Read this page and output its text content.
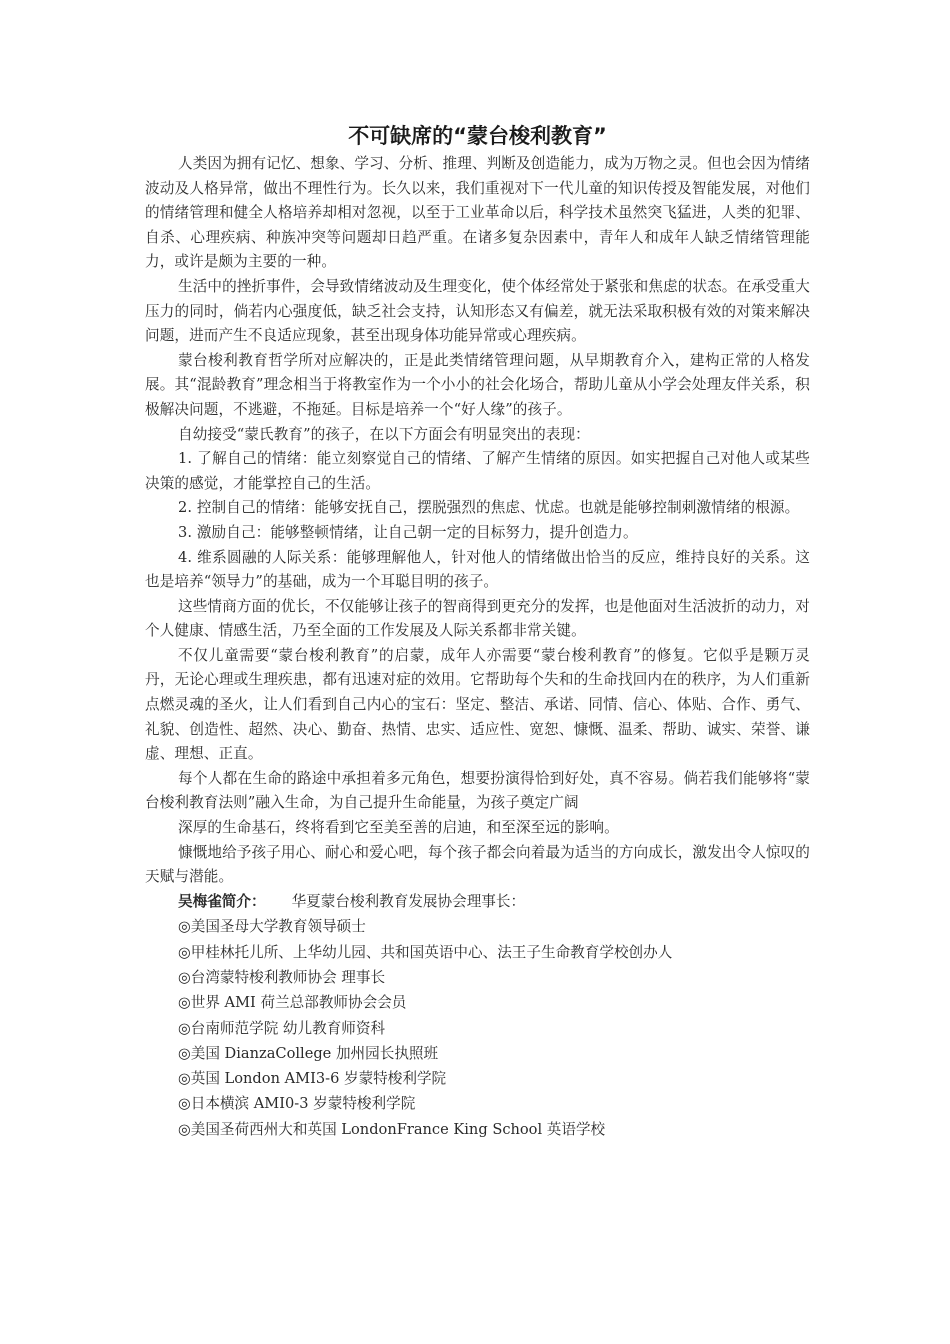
不可缺席的“蒙台梭利教育”

人类因为拥有记忆、想象、学习、分析、推理、判断及创造能力，成为万物之灵。但也会因为情绪波动及人格异常，做出不理性行为。长久以来，我们重视对下一代儿童的知识传授及智能发展，对他们的情绪管理和健全人格培养却相对忽视，以至于工业革命以后，科学技术虽然突飞猛进，人类的犯罪、自杀、心理疾病、种族冲突等问题却日趋严重。在诸多复杂因素中，青年人和成年人缺乏情绪管理能力，或许是颇为主要的一种。

生活中的挫折事件，会导致情绪波动及生理变化，使个体经常处于紧张和焦虑的状态。在承受重大压力的同时，倘若内心强度低，缺乏社会支持，认知形态又有偏差，就无法采取积极有效的对策来解决问题，进而产生不良适应现象，甚至出现身体功能异常或心理疾病。

蒙台梭利教育哲学所对应解决的，正是此类情绪管理问题，从早期教育介入，建构正常的人格发展。其“混龄教育”理念相当于将教室作为一个小小的社会化场合，帮助儿童从小学会处理友伴关系，积极解决问题，不逃避，不拖延。目标是培养一个“好人缘”的孩子。

自幼接受“蒙氏教育”的孩子，在以下方面会有明显突出的表现：

1. 了解自己的情绪：能立刻察觉自己的情绪、了解产生情绪的原因。如实把握自己对他人或某些决策的感觉，才能掌控自己的生活。

2. 控制自己的情绪：能够安抚自己，摆脱强烈的焦虑、忧虑。也就是能够控制刺激情绪的根源。

3. 激励自己：能够整顿情绪，让自己朝一定的目标努力，提升创造力。

4. 维系圆融的人际关系：能够理解他人，针对他人的情绪做出恰当的反应，维持良好的关系。这也是培养“领导力”的基础，成为一个耳聪目明的孩子。

这些情商方面的优长，不仅能够让孩子的智商得到更充分的发挥，也是他面对生活波折的动力，对个人健康、情感生活，乃至全面的工作发展及人际关系都非常关键。

不仅儿童需要“蒙台梭利教育”的启蒙，成年人亦需要“蒙台梭利教育”的修复。它似乎是颗万灵丹，无论心理或生理疾患，都有迅速对症的效用。它帮助每个失和的生命找回内在的秩序，为人们重新点燃灵魂的圣火，让人们看到自己内心的宝石：坚定、整洁、承诺、同情、信心、体贴、合作、勇气、礼貌、创造性、超然、决心、勤奋、热情、忠实、适应性、宽恕、慷慨、温柔、帮助、诚实、荣誉、谦虚、理想、正直。

每个人都在生命的路途中承担着多元角色，想要扮演得恰到好处，真不容易。倘若我们能够将“蒙台梭利教育法则”融入生命，为自己提升生命能量，为孩子奠定广阔

深厚的生命基石，终将看到它至美至善的启迪，和至深至远的影响。

慷慨地给予孩子用心、耐心和爱心吧，每个孩子都会向着最为适当的方向成长，激发出令人惊叹的天赋与潜能。

吴梅雀简介： 华夏蒙台梭利教育发展协会理事长：

◎美国圣母大学教育领导硕士
◎甲桂林托儿所、上华幼儿园、共和国英语中心、法王子生命教育学校创办人
◎台湾蒙特梭利教师协会 理事长
◎世界 AMI 荷兰总部教师协会会员
◎台南师范学院 幼儿教育师资科
◎美国 DianzaCollege 加州园长执照班
◎英国 London AMI3-6 岁蒙特梭利学院
◎日本横滨 AMI0-3 岁蒙特梭利学院
◎美国圣荷西州大和英国 LondonFrance King School 英语学校
